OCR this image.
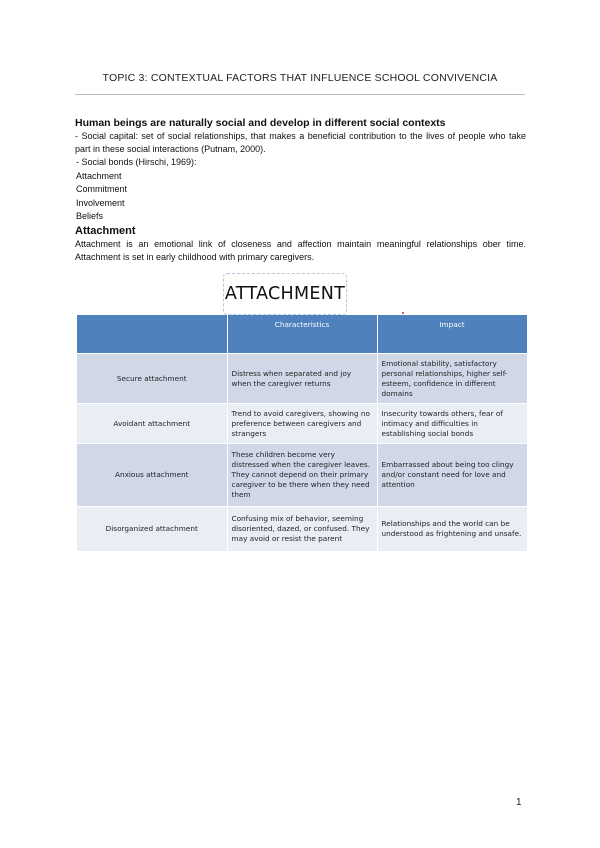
TOPIC 3: CONTEXTUAL FACTORS THAT INFLUENCE SCHOOL CONVIVENCIA

Human beings are naturally social and develop in different social contexts

- Social capital: set of social relationships, that makes a beneficial contribution to the lives of people who take part in these social interactions (Putnam, 2000).

- Social bonds (Hirschi, 1969):

Attachment
Commitment
Involvement
Beliefs

Attachment

Attachment is an emotional link of closeness and affection maintain meaningful relationships ober time. Attachment is set in early childhood with primary caregivers.

ATTACHMENT
	Characteristics	Impact
Secure attachment	Distress when separated and joy when the caregiver returns	Emotional stability, satisfactory personal relationships, higher self-esteem, confidence in different domains
Avoidant attachment	Trend to avoid caregivers, showing no preference between caregivers and strangers	Insecurity towards others, fear of intimacy and difficulties in establishing social bonds
Anxious attachment	These children become very distressed when the caregiver leaves. They cannot depend on their primary caregiver to be there when they need them	Embarrassed about being too clingy and/or constant need for love and attention
Disorganized attachment	Confusing mix of behavior, seeming disoriented, dazed, or confused. They may avoid or resist the parent	Relationships and the world can be understood as frightening and unsafe.
1
